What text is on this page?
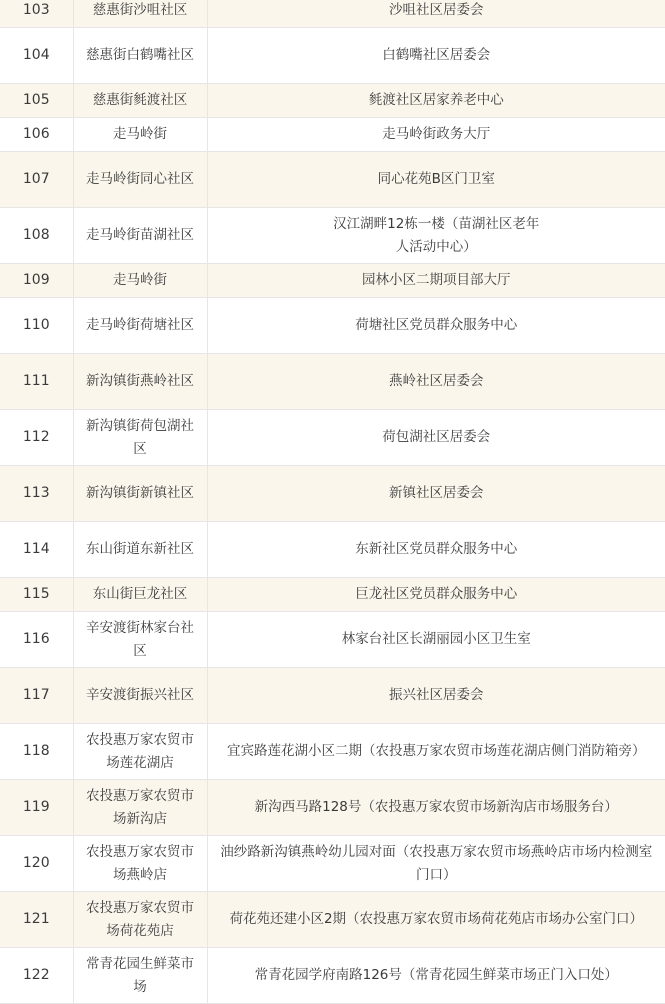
103	慈惠街沙咀社区	沙咀社区居委会
104	慈惠街白鹤嘴社区	白鹤嘴社区居委会
105	慈惠街毵渡社区	毵渡社区居家养老中心
106	走马岭街	走马岭街政务大厅
107	走马岭街同心社区	同心花苑B区门卫室
108	走马岭街苗湖社区	汉江湖畔12栋一楼（苗湖社区老年人活动中心）
109	走马岭街	园林小区二期项目部大厅
110	走马岭街荷塘社区	荷塘社区党员群众服务中心
111	新沟镇街燕岭社区	燕岭社区居委会
112	新沟镇街荷包湖社区	荷包湖社区居委会
113	新沟镇街新镇社区	新镇社区居委会
114	东山街道东新社区	东新社区党员群众服务中心
115	东山街巨龙社区	巨龙社区党员群众服务中心
116	辛安渡街林家台社区	林家台社区长湖丽园小区卫生室
117	辛安渡街振兴社区	振兴社区居委会
118	农投惠万家农贸市场莲花湖店	宜宾路莲花湖小区二期（农投惠万家农贸市场莲花湖店侧门消防箱旁）
119	农投惠万家农贸市场新沟店	新沟西马路128号（农投惠万家农贸市场新沟店市场服务台）
120	农投惠万家农贸市场燕岭店	油纱路新沟镇燕岭幼儿园对面（农投惠万家农贸市场燕岭店市场内检测室门口）
121	农投惠万家农贸市场荷花苑店	荷花苑还建小区2期（农投惠万家农贸市场荷花苑店市场办公室门口）
122	常青花园生鲜菜市场	常青花园学府南路126号（常青花园生鲜菜市场正门入口处）
